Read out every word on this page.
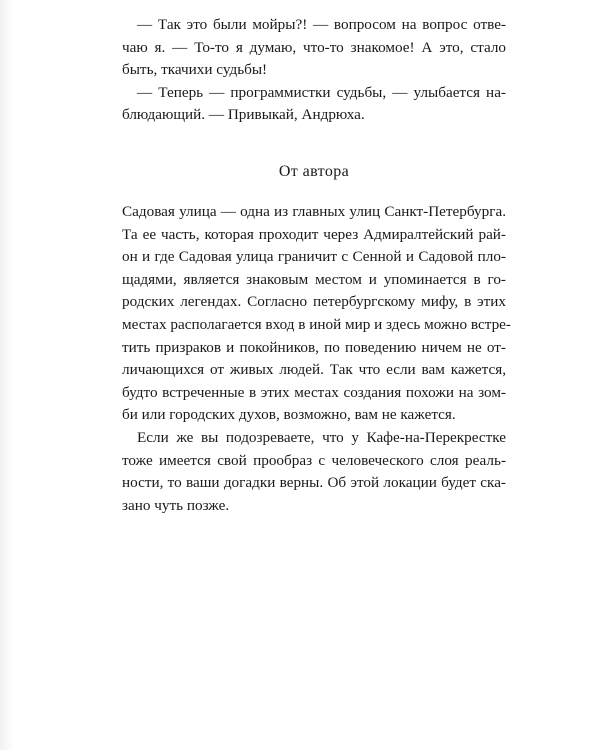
— Так это были мойры?! — вопросом на вопрос отве-
чаю я. — То-то я думаю, что-то знакомое! А это, стало
быть, ткачихи судьбы!

— Теперь — программистки судьбы, — улыбается на-
блюдающий. — Привыкай, Андрюха.

От автора

Садовая улица — одна из главных улиц Санкт-Петербурга.
Та ее часть, которая проходит через Адмиралтейский рай-
он и где Садовая улица граничит с Сенной и Садовой пло-
щадями, является знаковым местом и упоминается в го-
родских легендах. Согласно петербургскому мифу, в этих
местах располагается вход в иной мир и здесь можно встре-
тить призраков и покойников, по поведению ничем не от-
личающихся от живых людей. Так что если вам кажется,
будто встреченные в этих местах создания похожи на зом-
би или городских духов, возможно, вам не кажется.

Если же вы подозреваете, что у Кафе-на-Перекрестке
тоже имеется свой прообраз с человеческого слоя реаль-
ности, то ваши догадки верны. Об этой локации будет ска-
зано чуть позже.
